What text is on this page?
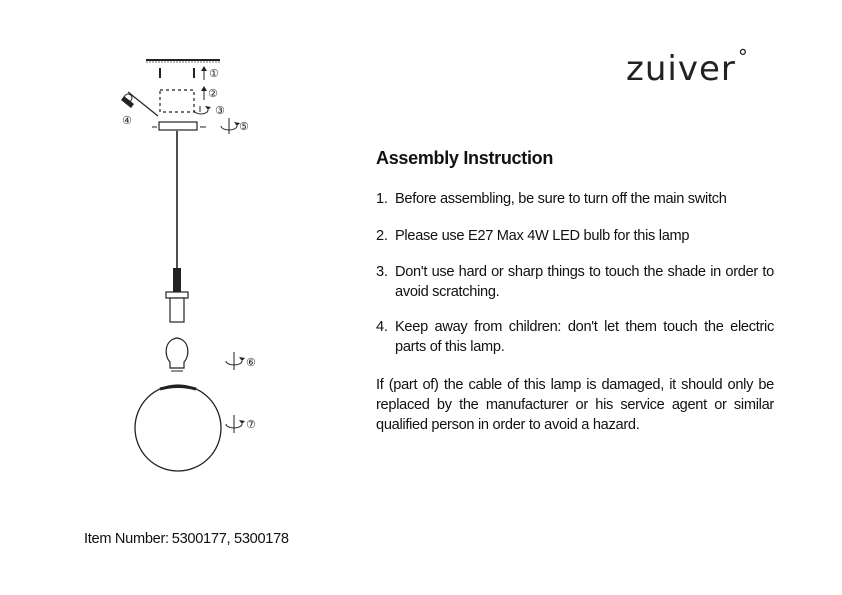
zuiver °
Assembly Instruction
1. Before assembling, be sure to turn off the main switch
2. Please use E27 Max 4W LED bulb for this lamp
3. Don't use hard or sharp things to touch the shade in order to avoid scratching.
4. Keep away from children: don't let them touch the electric parts of this lamp.
If (part of) the cable of this lamp is damaged, it should only be replaced by the manufacturer or his service agent or similar qualified person in order to avoid a hazard.
Item Number: 5300177, 5300178
①
②
③
④	⑤
⑥
⑦
